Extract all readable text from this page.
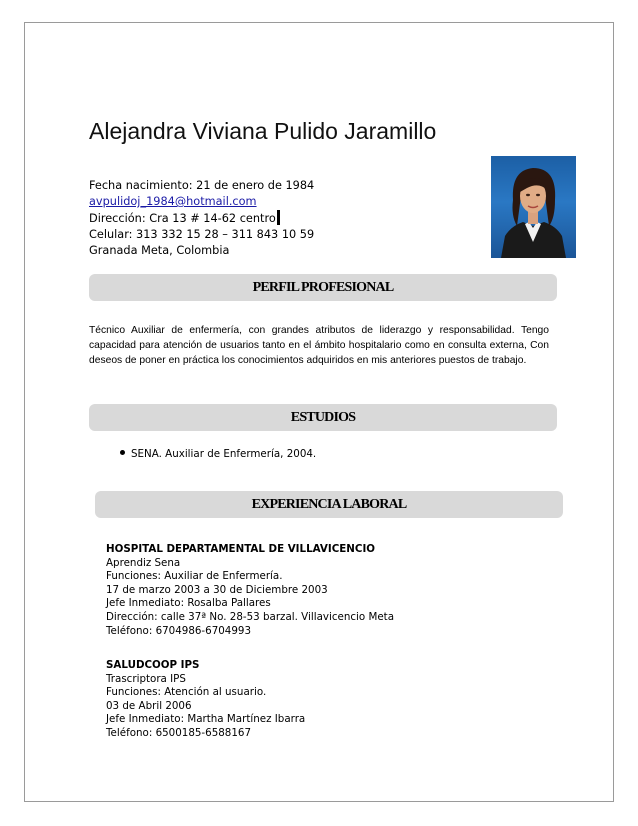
Alejandra Viviana Pulido Jaramillo
Fecha nacimiento: 21 de enero de 1984
avpulidoj_1984@hotmail.com
Dirección: Cra 13 # 14-62 centro
Celular: 313 332 15 28 – 311 843 10 59
Granada Meta, Colombia
PERFIL PROFESIONAL
Técnico Auxiliar de enfermería, con grandes atributos de liderazgo y responsabilidad. Tengo capacidad para atención de usuarios tanto en el ámbito hospitalario como en consulta externa, Con deseos de poner en práctica los conocimientos adquiridos en mis anteriores puestos de trabajo.
ESTUDIOS
SENA. Auxiliar de Enfermería, 2004.
EXPERIENCIA LABORAL
HOSPITAL DEPARTAMENTAL DE VILLAVICENCIO
Aprendiz Sena
Funciones: Auxiliar de Enfermería.
17 de marzo 2003 a 30 de Diciembre 2003
Jefe Inmediato: Rosalba Pallares
Dirección: calle 37ª No. 28-53 barzal. Villavicencio Meta
Teléfono: 6704986-6704993
SALUDCOOP IPS
Trascriptora IPS
Funciones: Atención al usuario.
03 de Abril 2006
Jefe Inmediato: Martha Martínez Ibarra
Teléfono: 6500185-6588167
